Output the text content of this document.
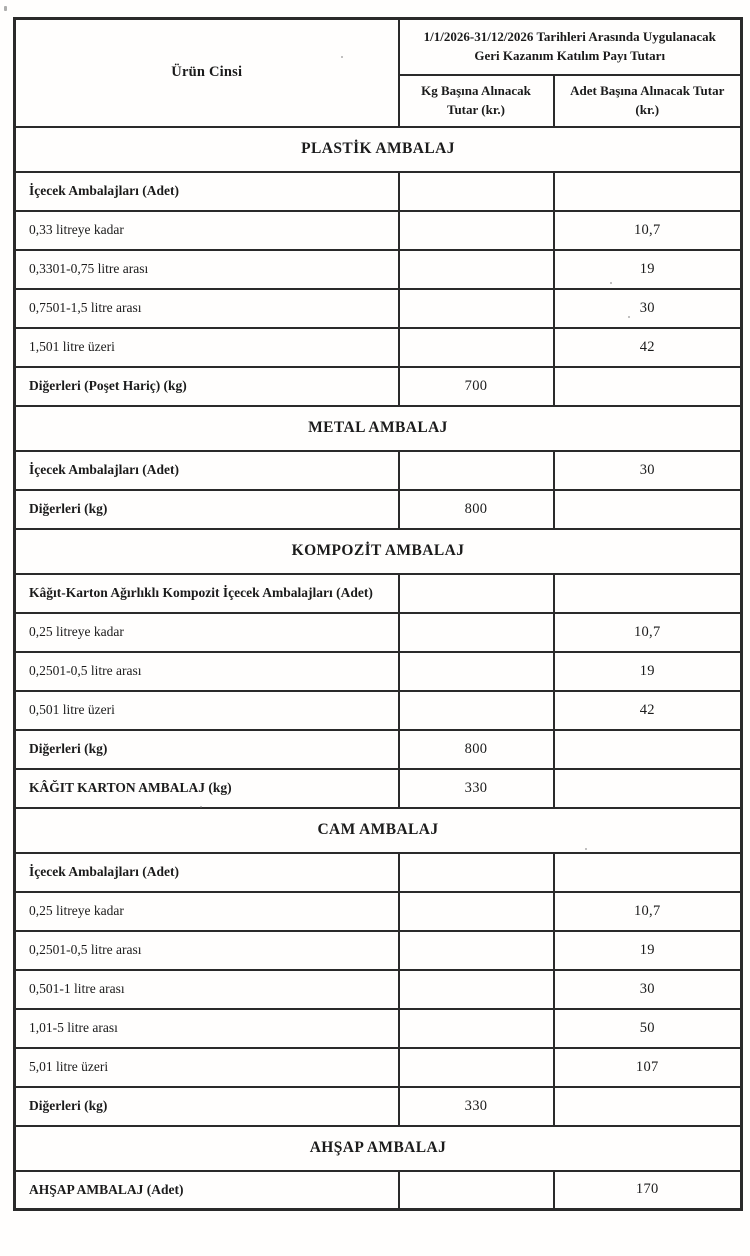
Ürün Cinsi	1/1/2026-31/12/2026 Tarihleri Arasında Uygulanacak Geri Kazanım Katılım Payı Tutarı	
	Kg Başına Alınacak Tutar (kr.)	Adet Başına Alınacak Tutar (kr.)
PLASTİK AMBALAJ		
İçecek Ambalajları (Adet)		
0,33 litreye kadar		10,7
0,3301-0,75 litre arası		19
0,7501-1,5 litre arası		30
1,501 litre üzeri		42
Diğerleri (Poşet Hariç) (kg)	700	
METAL AMBALAJ		
İçecek Ambalajları (Adet)		30
Diğerleri (kg)	800	
KOMPOZİT AMBALAJ		
Kâğıt-Karton Ağırlıklı Kompozit İçecek Ambalajları (Adet)		
0,25 litreye kadar		10,7
0,2501-0,5 litre arası		19
0,501 litre üzeri		42
Diğerleri (kg)	800	
KÂĞIT KARTON AMBALAJ (kg)	330	
CAM AMBALAJ		
İçecek Ambalajları (Adet)		
0,25 litreye kadar		10,7
0,2501-0,5 litre arası		19
0,501-1 litre arası		30
1,01-5 litre arası		50
5,01 litre üzeri		107
Diğerleri (kg)	330	
AHŞAP AMBALAJ		
AHŞAP AMBALAJ (Adet)		170
